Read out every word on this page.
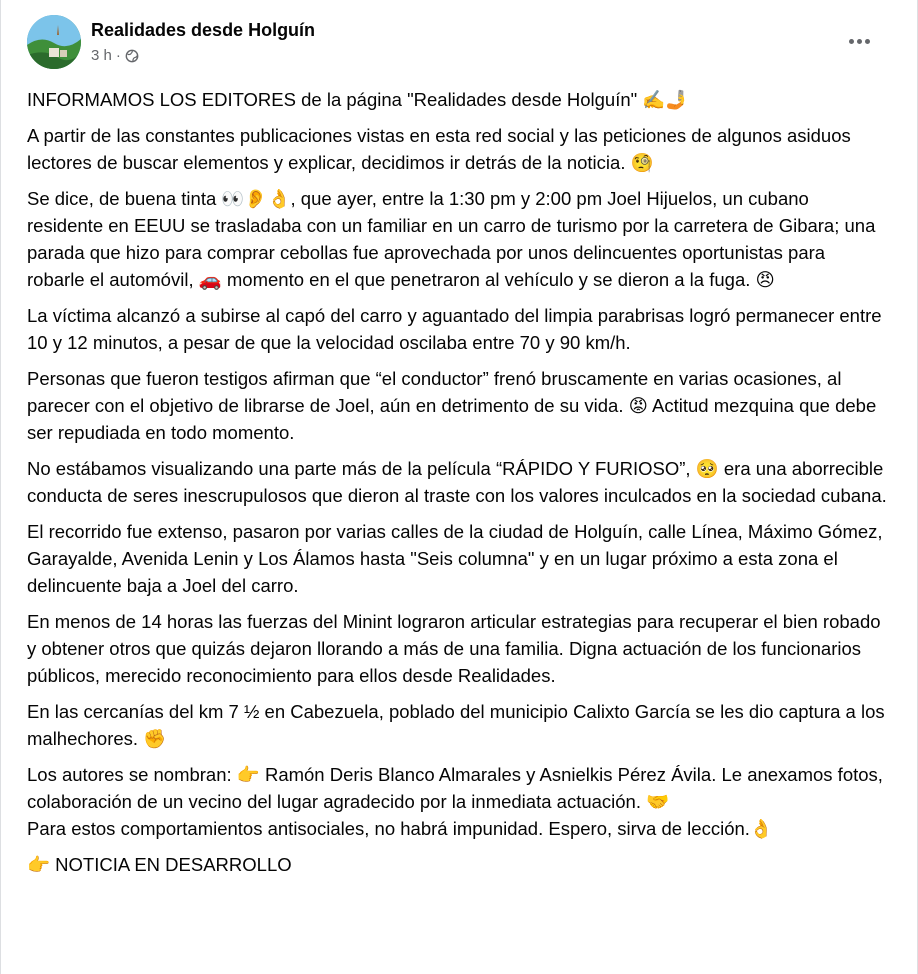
Realidades desde Holguín
3 h ·

INFORMAMOS LOS EDITORES de la página "Realidades desde Holguín" ✍️🤳

A partir de las constantes publicaciones vistas en esta red social y las peticiones de algunos asiduos lectores de buscar elementos y explicar, decidimos ir detrás de la noticia. 🧐

Se dice, de buena tinta 👀👂👌, que ayer, entre la 1:30 pm y 2:00 pm Joel Hijuelos, un cubano residente en EEUU se trasladaba con un familiar en un carro de turismo por la carretera de Gibara; una parada que hizo para comprar cebollas fue aprovechada por unos delincuentes oportunistas para robarle el automóvil, 🚗 momento en el que penetraron al vehículo y se dieron a la fuga. 😠

La víctima alcanzó a subirse al capó del carro y aguantado del limpia parabrisas logró permanecer entre 10 y 12 minutos, a pesar de que la velocidad oscilaba entre 70 y 90 km/h.

Personas que fueron testigos afirman que “el conductor” frenó bruscamente en varias ocasiones, al parecer con el objetivo de librarse de Joel, aún en detrimento de su vida. 😡 Actitud mezquina que debe ser repudiada en todo momento.

No estábamos visualizando una parte más de la película “RÁPIDO Y FURIOSO”, 🥺 era una aborrecible conducta de seres inescrupulosos que dieron al traste con los valores inculcados en la sociedad cubana.

El recorrido fue extenso, pasaron por varias calles de la ciudad de Holguín, calle Línea, Máximo Gómez, Garayalde, Avenida Lenin y Los Álamos hasta "Seis columna" y en un lugar próximo a esta zona el delincuente baja a Joel del carro.

En menos de 14 horas las fuerzas del Minint lograron articular estrategias para recuperar el bien robado y obtener otros que quizás dejaron llorando a más de una familia. Digna actuación de los funcionarios públicos, merecido reconocimiento para ellos desde Realidades.

En las cercanías del km 7 ½ en Cabezuela, poblado del municipio Calixto García se les dio captura a los malhechores. ✊

Los autores se nombran: 👉 Ramón Deris Blanco Almarales y Asnielkis Pérez Ávila. Le anexamos fotos, colaboración de un vecino del lugar agradecido por la inmediata actuación. 🤝

Para estos comportamientos antisociales, no habrá impunidad. Espero, sirva de lección.👌

👉 NOTICIA EN DESARROLLO
